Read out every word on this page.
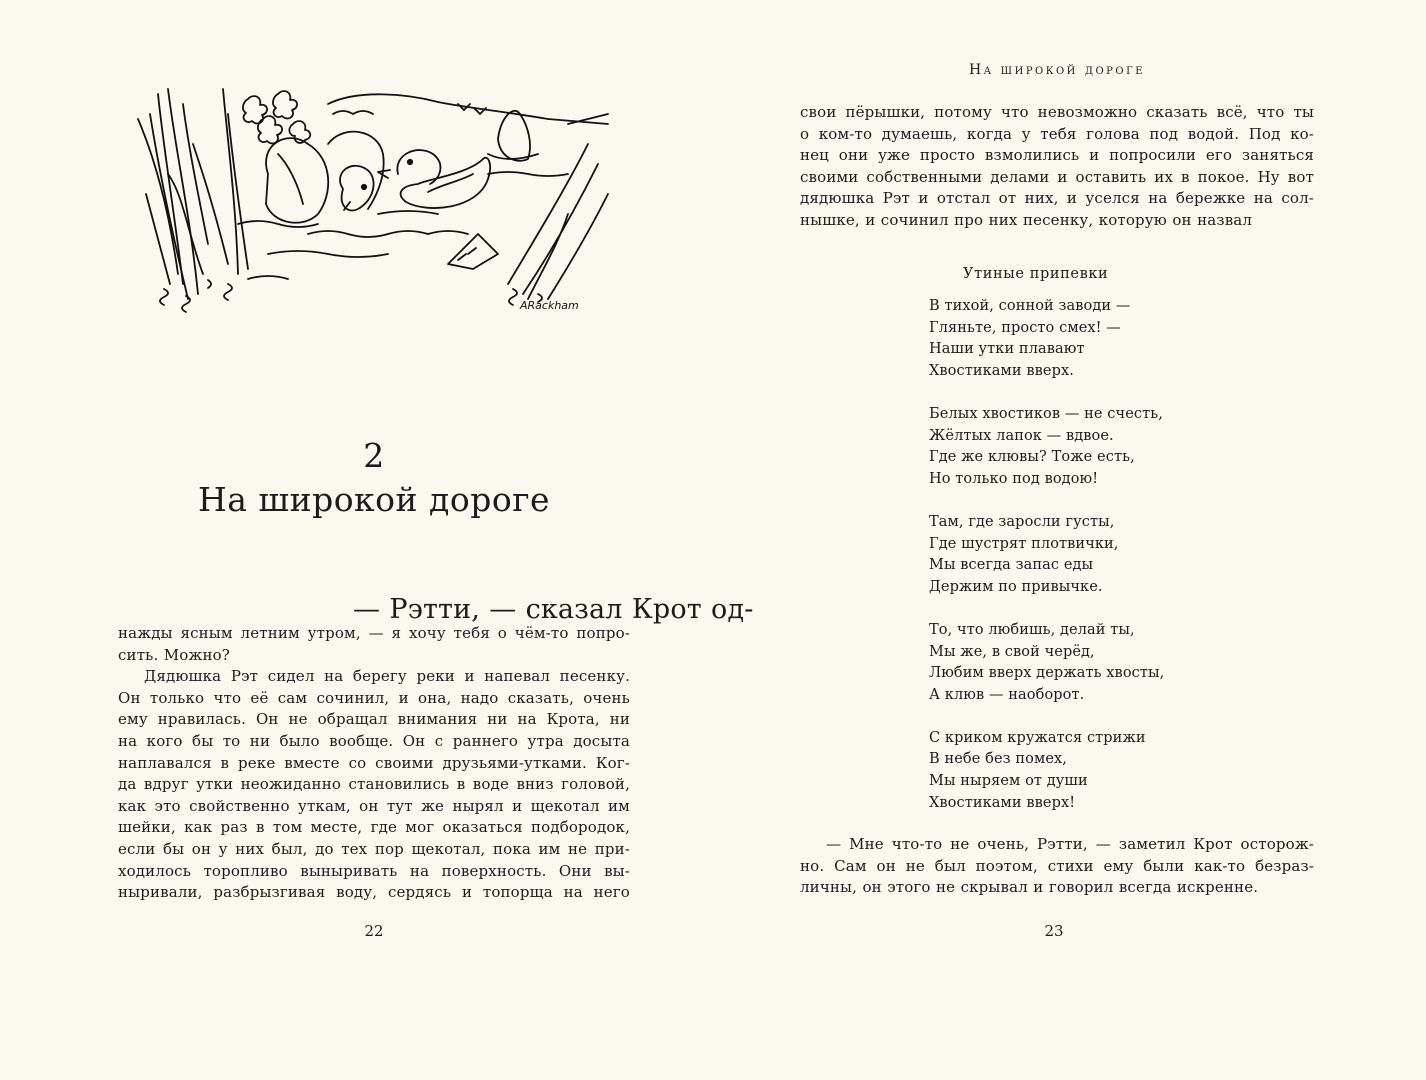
ARackham
2
На широкой дороге
— Рэтти, — сказал Крот од-
нажды ясным летним утром, — я хочу тебя о чём-то попро-
сить. Можно?
Дядюшка Рэт сидел на берегу реки и напевал песенку.
Он только что её сам сочинил, и она, надо сказать, очень
ему нравилась. Он не обращал внимания ни на Крота, ни
на кого бы то ни было вообще. Он с раннего утра досыта
наплавался в реке вместе со своими друзьями-утками. Ког-
да вдруг утки неожиданно становились в воде вниз головой,
как это свойственно уткам, он тут же нырял и щекотал им
шейки, как раз в том месте, где мог оказаться подбородок,
если бы он у них был, до тех пор щекотал, пока им не при-
ходилось торопливо выныривать на поверхность. Они вы-
ныривали, разбрызгивая воду, сердясь и топорща на него
22
На широкой дороге
свои пёрышки, потому что невозможно сказать всё, что ты
о ком-то думаешь, когда у тебя голова под водой. Под ко-
нец они уже просто взмолились и попросили его заняться
своими собственными делами и оставить их в покое. Ну вот
дядюшка Рэт и отстал от них, и уселся на бережке на сол-
нышке, и сочинил про них песенку, которую он назвал
Утиные припевки
В тихой, сонной заводи —
Гляньте, просто смех! —
Наши утки плавают
Хвостиками вверх.
Белых хвостиков — не счесть,
Жёлтых лапок — вдвое.
Где же клювы? Тоже есть,
Но только под водою!
Там, где заросли густы,
Где шустрят плотвички,
Мы всегда запас еды
Держим по привычке.
То, что любишь, делай ты,
Мы же, в свой черёд,
Любим вверх держать хвосты,
А клюв — наоборот.
С криком кружатся стрижи
В небе без помех,
Мы ныряем от души
Хвостиками вверх!
— Мне что-то не очень, Рэтти, — заметил Крот осторож-
но. Сам он не был поэтом, стихи ему были как-то безраз-
личны, он этого не скрывал и говорил всегда искренне.
23
